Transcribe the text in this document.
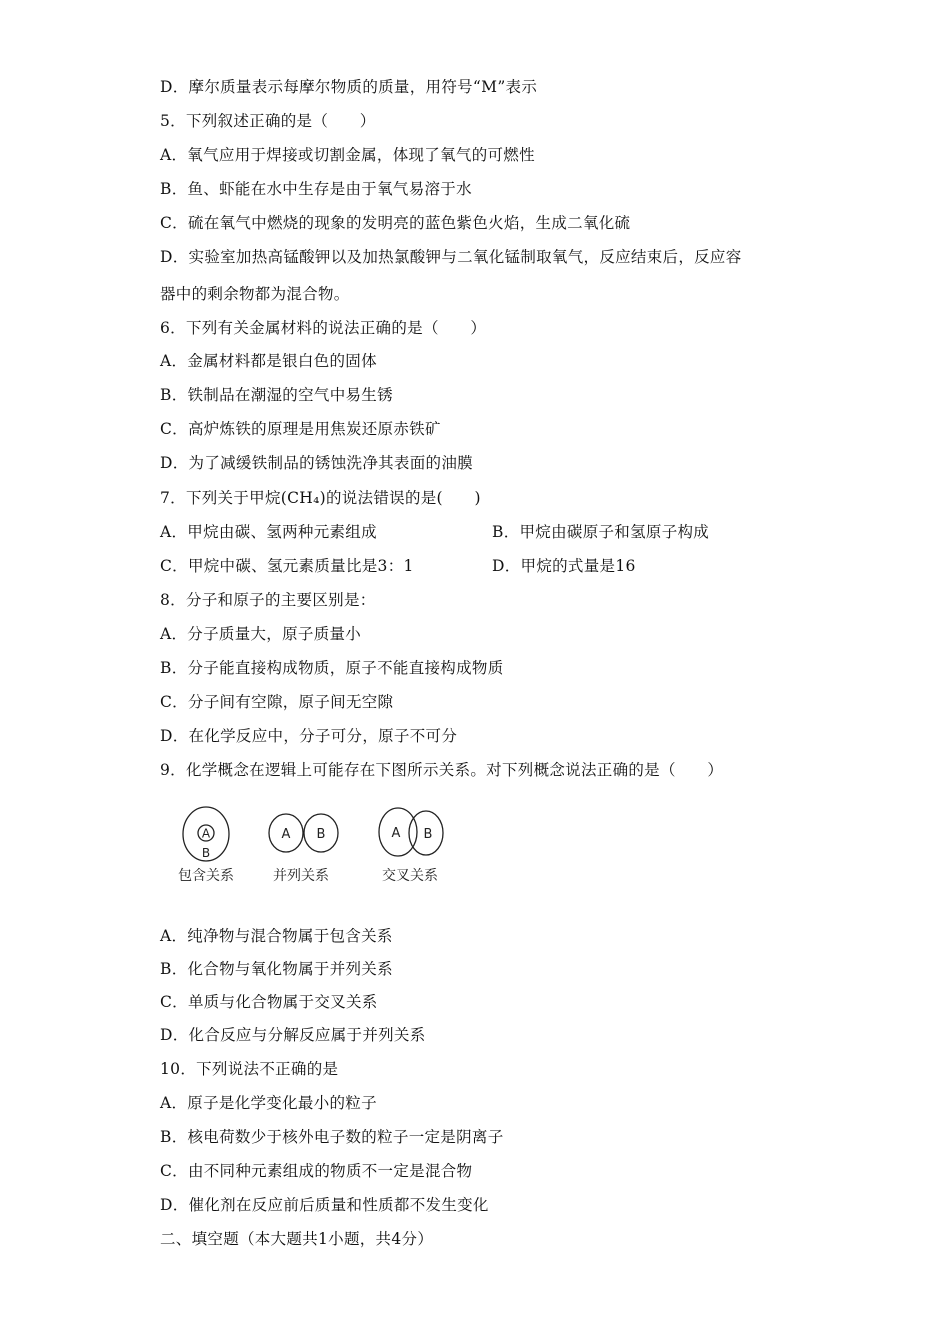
D．摩尔质量表示每摩尔物质的质量，用符号“M”表示
5．下列叙述正确的是（　　）
A．氧气应用于焊接或切割金属，体现了氧气的可燃性
B．鱼、虾能在水中生存是由于氧气易溶于水
C．硫在氧气中燃烧的现象的发明亮的蓝色紫色火焰，生成二氧化硫
D．实验室加热高锰酸钾以及加热氯酸钾与二氧化锰制取氧气，反应结束后，反应容
器中的剩余物都为混合物。
6．下列有关金属材料的说法正确的是（　　）
A．金属材料都是银白色的固体
B．铁制品在潮湿的空气中易生锈
C．高炉炼铁的原理是用焦炭还原赤铁矿
D．为了减缓铁制品的锈蚀洗净其表面的油膜
7．下列关于甲烷(CH₄)的说法错误的是(　　)
A．甲烷由碳、氢两种元素组成	B．甲烷由碳原子和氢原子构成
C．甲烷中碳、氢元素质量比是3：1	D．甲烷的式量是16
8．分子和原子的主要区别是：
A．分子质量大，原子质量小
B．分子能直接构成物质，原子不能直接构成物质
C．分子间有空隙，原子间无空隙
D．在化学反应中，分子可分，原子不可分
9．化学概念在逻辑上可能存在下图所示关系。对下列概念说法正确的是（　　）
A
B
包含关系
A B
并列关系
A B
交叉关系
A．纯净物与混合物属于包含关系
B．化合物与氧化物属于并列关系
C．单质与化合物属于交叉关系
D．化合反应与分解反应属于并列关系
10．下列说法不正确的是
A．原子是化学变化最小的粒子
B．核电荷数少于核外电子数的粒子一定是阴离子
C．由不同种元素组成的物质不一定是混合物
D．催化剂在反应前后质量和性质都不发生变化
二、填空题（本大题共1小题，共4分）
